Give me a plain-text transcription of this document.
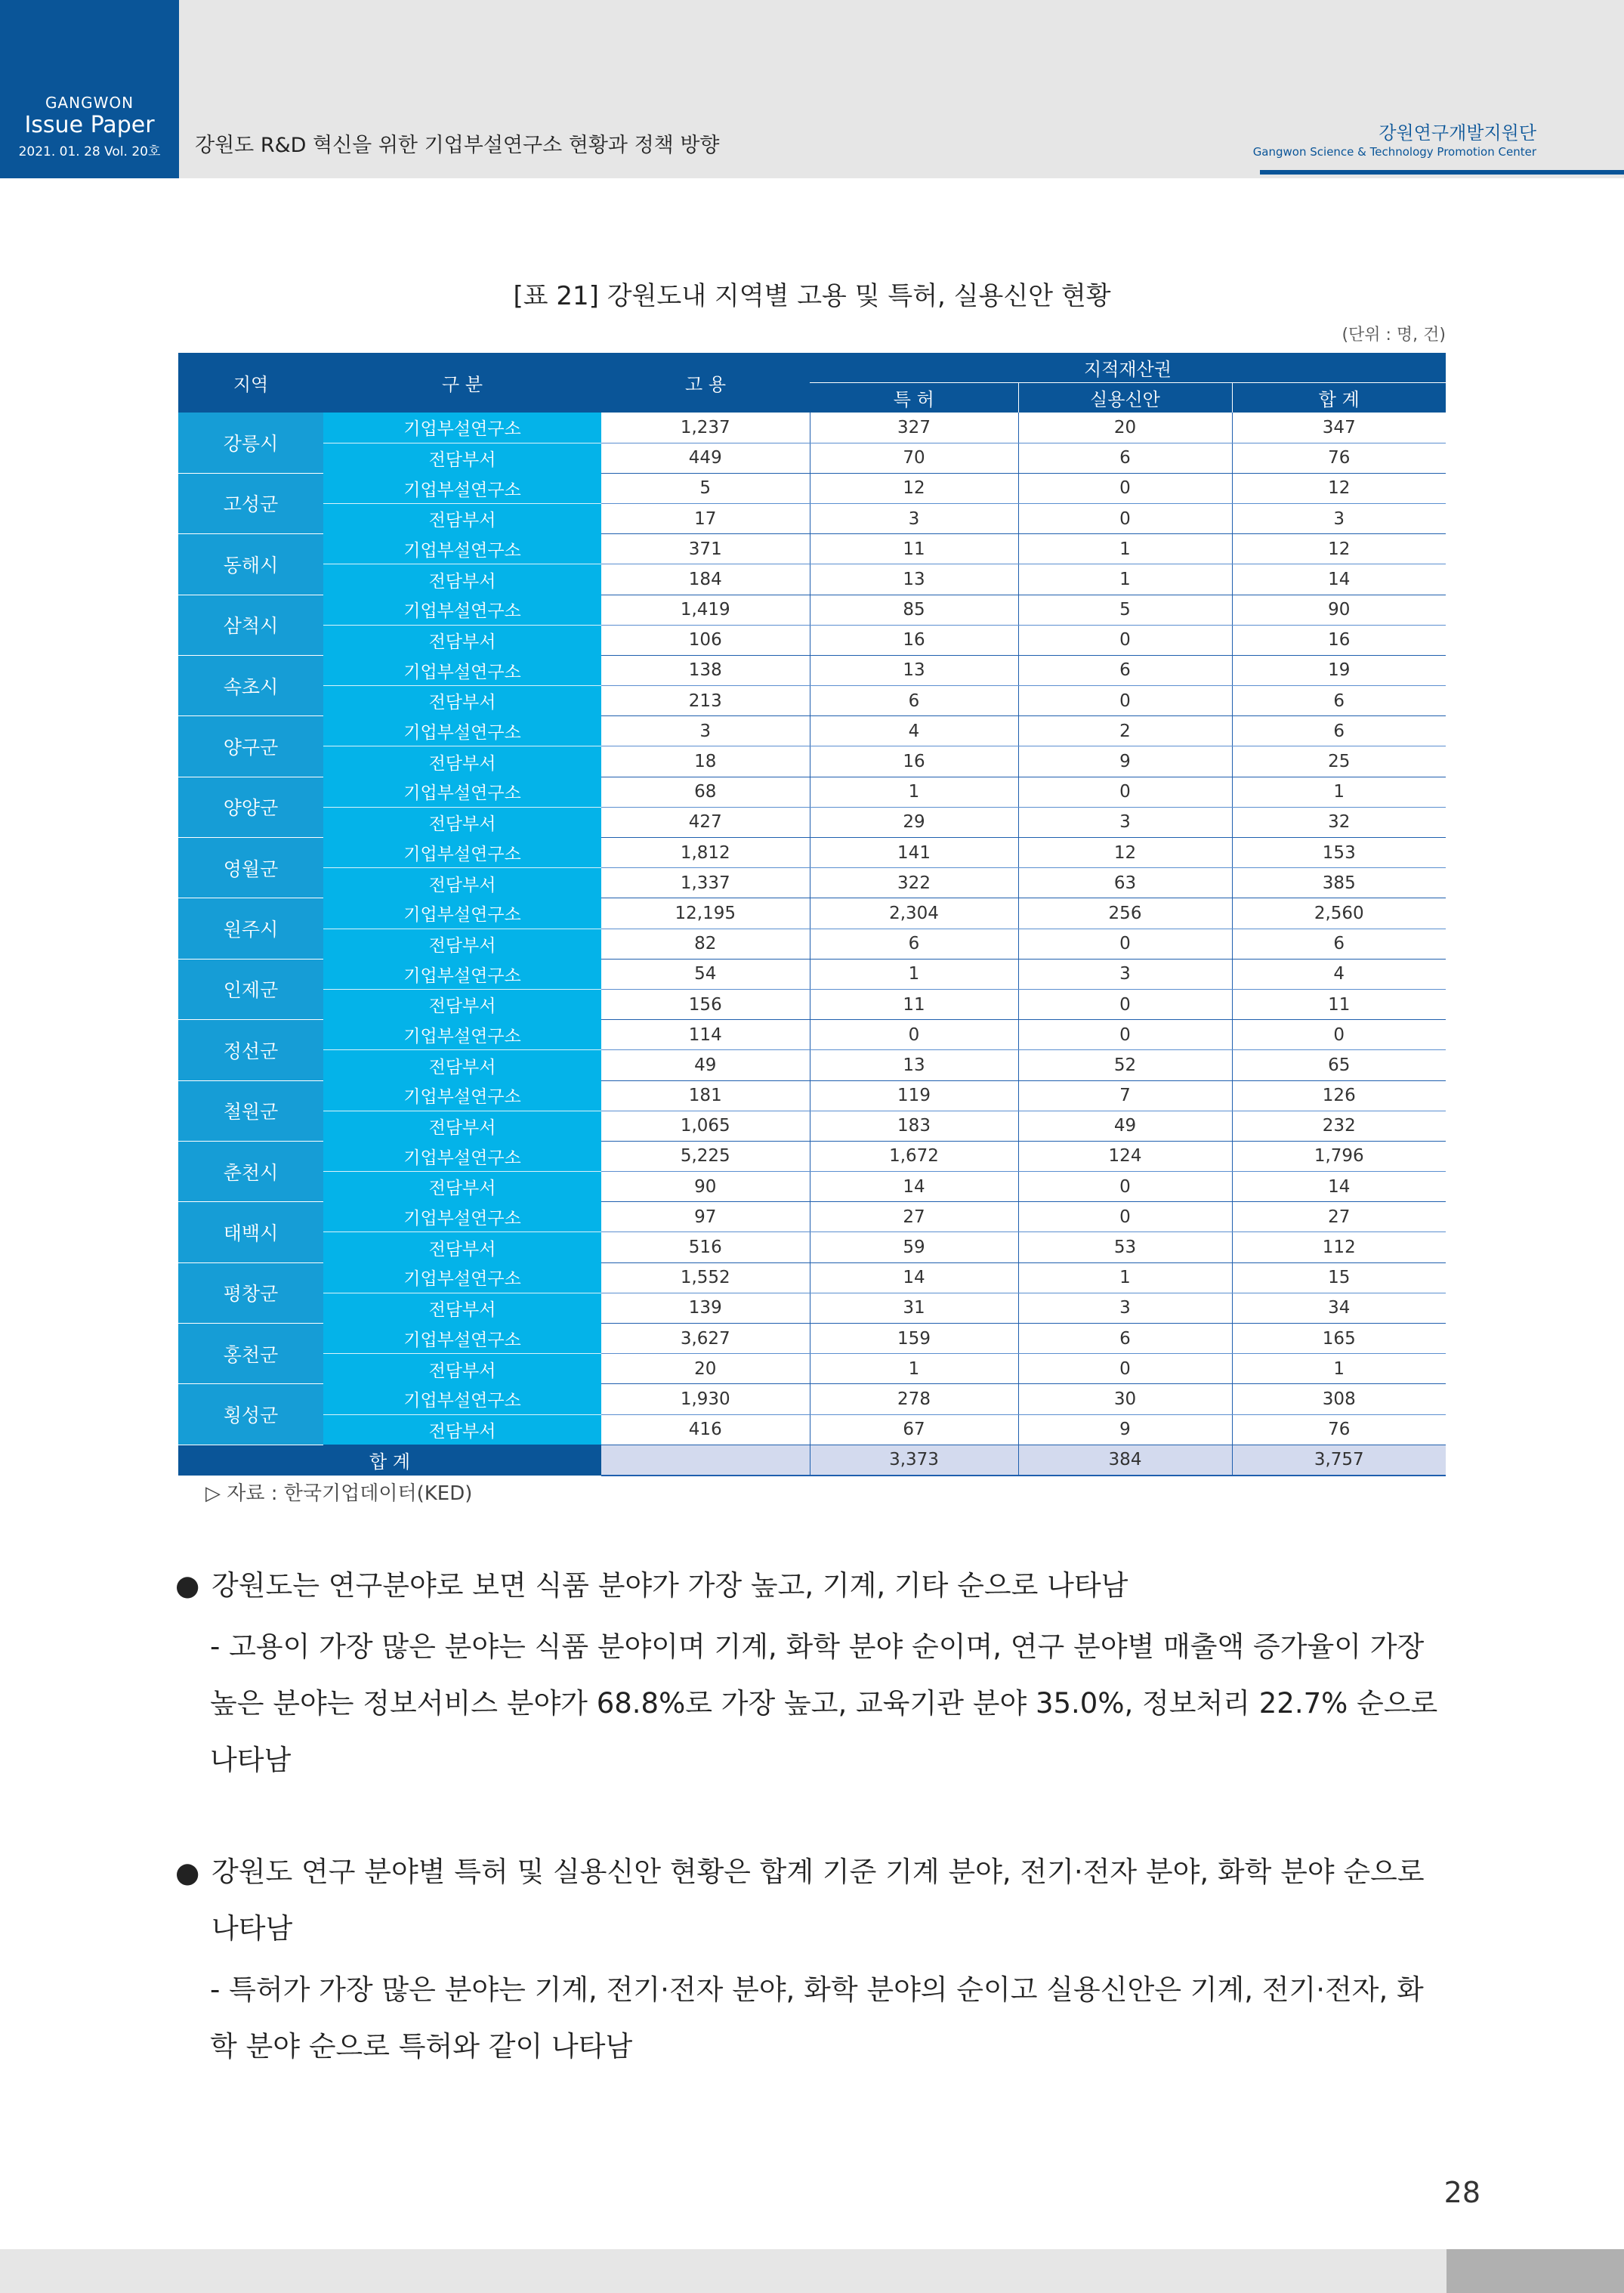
GANGWON
Issue Paper
2021. 01. 28 Vol. 20호	강원도 R&D 혁신을 위한 기업부설연구소 현황과 정책 방향
강원연구개발지원단
Gangwon Science & Technology Promotion Center
[표 21] 강원도내 지역별 고용 및 특허, 실용신안 현황
(단위 : 명, 건)
지역	구 분	고 용	지적재산권		
			특 허	실용신안	합 계
강릉시	기업부설연구소	1,237	327	20	347
	전담부서	449	70	6	76
고성군	기업부설연구소	5	12	0	12
	전담부서	17	3	0	3
동해시	기업부설연구소	371	11	1	12
	전담부서	184	13	1	14
삼척시	기업부설연구소	1,419	85	5	90
	전담부서	106	16	0	16
속초시	기업부설연구소	138	13	6	19
	전담부서	213	6	0	6
양구군	기업부설연구소	3	4	2	6
	전담부서	18	16	9	25
양양군	기업부설연구소	68	1	0	1
	전담부서	427	29	3	32
영월군	기업부설연구소	1,812	141	12	153
	전담부서	1,337	322	63	385
원주시	기업부설연구소	12,195	2,304	256	2,560
	전담부서	82	6	0	6
인제군	기업부설연구소	54	1	3	4
	전담부서	156	11	0	11
정선군	기업부설연구소	114	0	0	0
	전담부서	49	13	52	65
철원군	기업부설연구소	181	119	7	126
	전담부서	1,065	183	49	232
춘천시	기업부설연구소	5,225	1,672	124	1,796
	전담부서	90	14	0	14
태백시	기업부설연구소	97	27	0	27
	전담부서	516	59	53	112
평창군	기업부설연구소	1,552	14	1	15
	전담부서	139	31	3	34
홍천군	기업부설연구소	3,627	159	6	165
	전담부서	20	1	0	1
횡성군	기업부설연구소	1,930	278	30	308
	전담부서	416	67	9	76
합 계			3,373	384	3,757
▷ 자료 : 한국기업데이터(KED)
● 강원도는 연구분야로 보면 식품 분야가 가장 높고, 기계, 기타 순으로 나타남
- 고용이 가장 많은 분야는 식품 분야이며 기계, 화학 분야 순이며, 연구 분야별 매출액 증가율이 가장 높은 분야는 정보서비스 분야가 68.8%로 가장 높고, 교육기관 분야 35.0%, 정보처리 22.7% 순으로 나타남
● 강원도 연구 분야별 특허 및 실용신안 현황은 합계 기준 기계 분야, 전기·전자 분야, 화학 분야 순으로 나타남
- 특허가 가장 많은 분야는 기계, 전기·전자 분야, 화학 분야의 순이고 실용신안은 기계, 전기·전자, 화학 분야 순으로 특허와 같이 나타남
28
